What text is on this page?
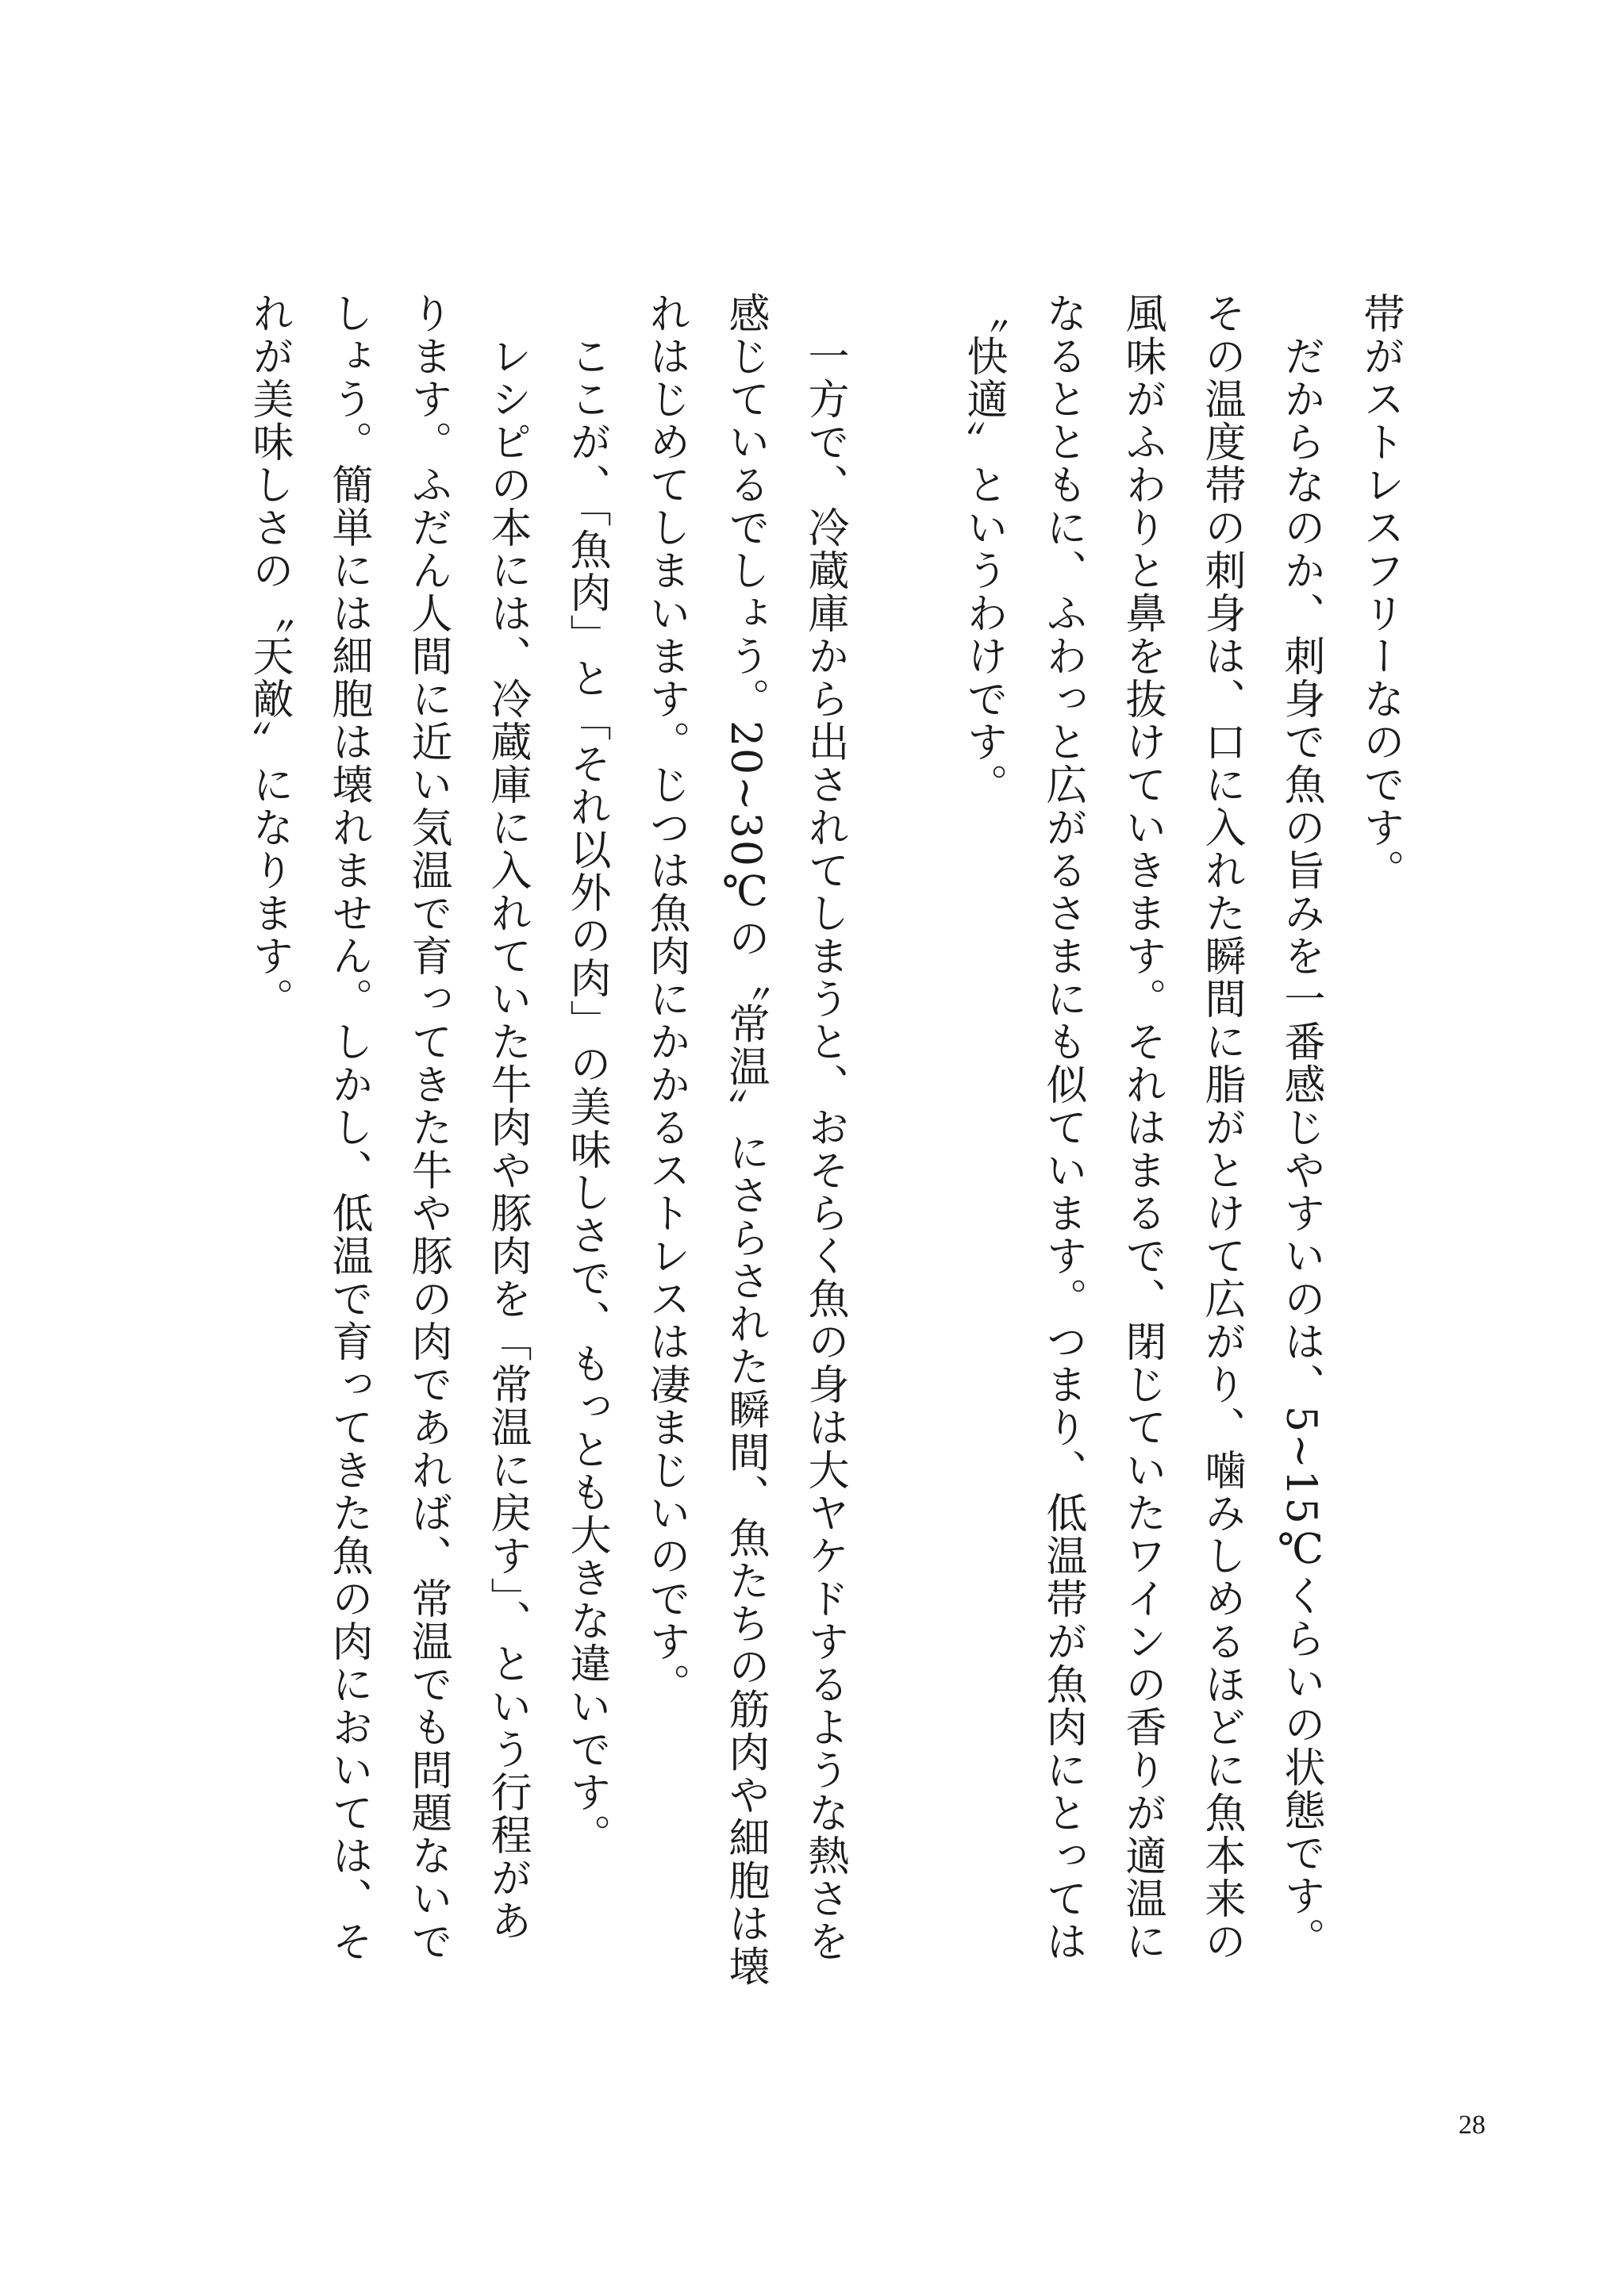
帯がストレスフリーなのです。
　だからなのか、刺身で魚の旨みを一番感じやすいのは、5~15℃くらいの状態です。
その温度帯の刺身は、口に入れた瞬間に脂がとけて広がり、噛みしめるほどに魚本来の
風味がふわりと鼻を抜けていきます。それはまるで、閉じていたワインの香りが適温に
なるとともに、ふわっと広がるさまにも似ています。つまり、低温帯が魚肉にとっては
〝快適〟というわけです。
　一方で、冷蔵庫から出されてしまうと、おそらく魚の身は大ヤケドするような熱さを
感じているでしょう。20~30℃の〝常温〟にさらされた瞬間、魚たちの筋肉や細胞は壊
れはじめてしまいます。じつは魚肉にかかるストレスは凄まじいのです。
　ここが、「魚肉」と「それ以外の肉」の美味しさで、もっとも大きな違いです。
　レシピの本には、冷蔵庫に入れていた牛肉や豚肉を「常温に戻す」、という行程があ
ります。ふだん人間に近い気温で育ってきた牛や豚の肉であれば、常温でも問題ないで
しょう。簡単には細胞は壊れません。しかし、低温で育ってきた魚の肉においては、そ
れが美味しさの〝天敵〟になります。
28
